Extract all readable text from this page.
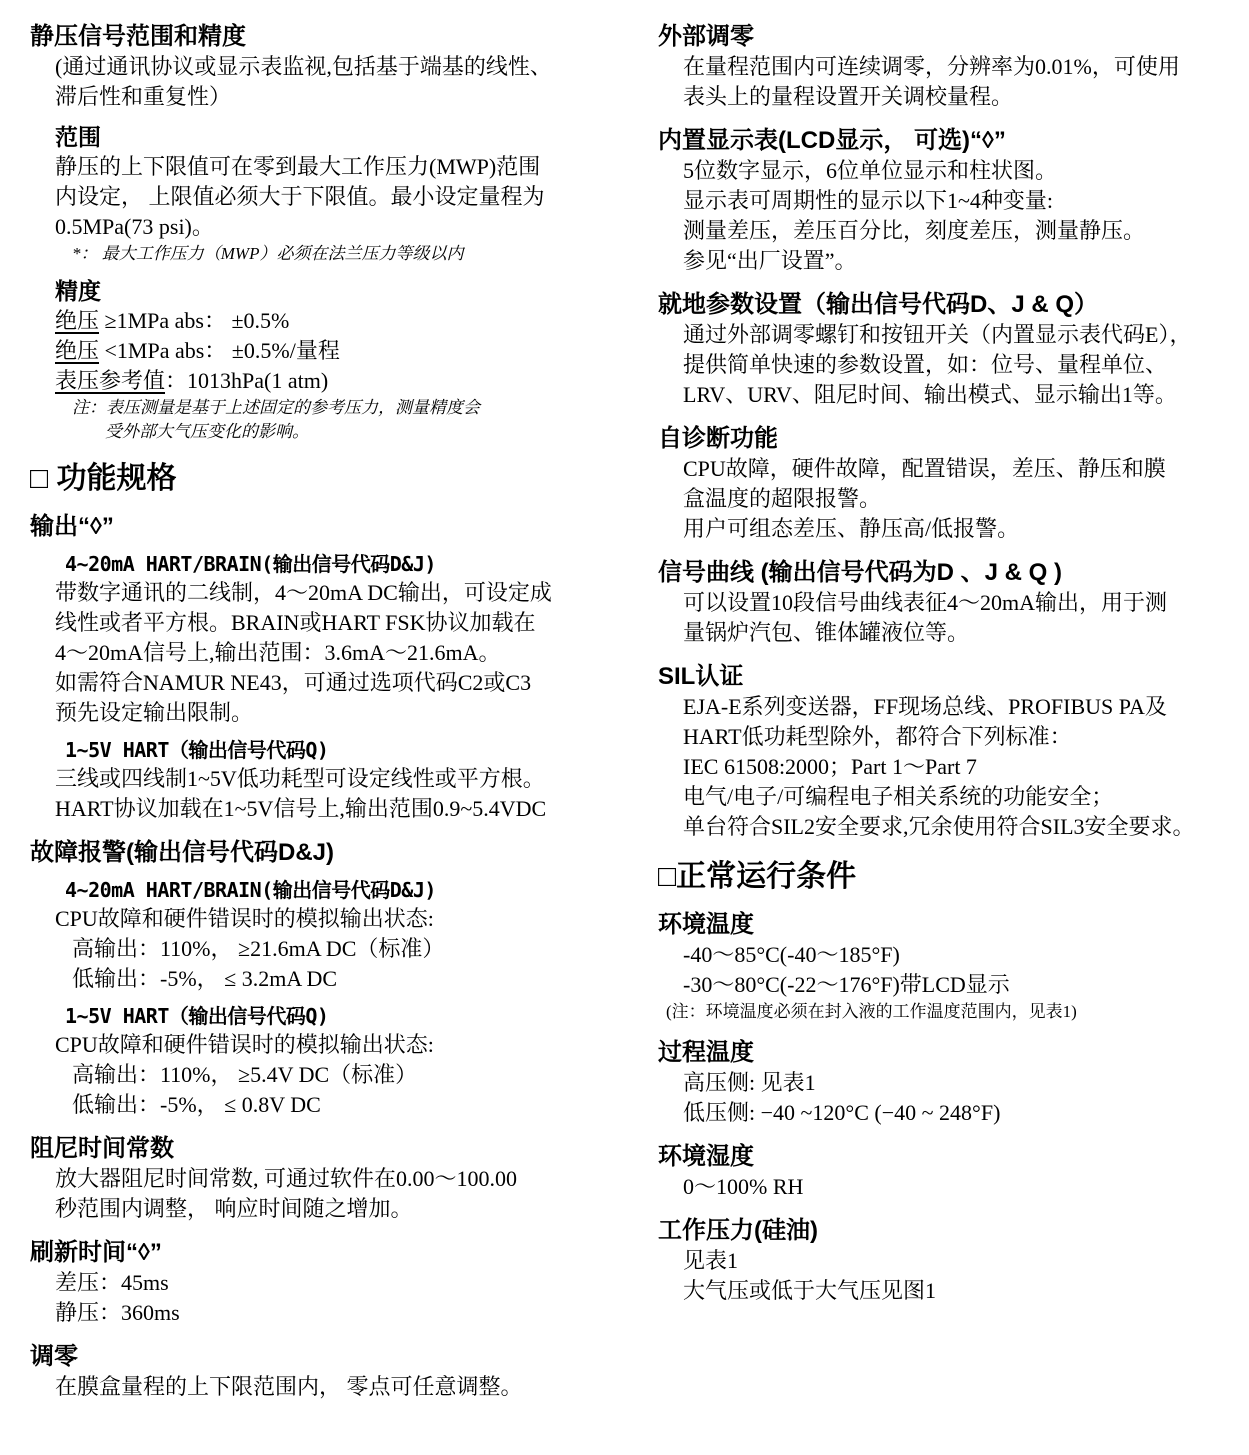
静压信号范围和精度
(通过通讯协议或显示表监视,包括基于端基的线性、
滞后性和重复性）
范围
静压的上下限值可在零到最大工作压力(MWP)范围
内设定， 上限值必须大于下限值。最小设定量程为
0.5MPa(73 psi)。
*： 最大工作压力（MWP）必须在法兰压力等级以内
精度
绝压 ≥1MPa abs： ±0.5%
绝压 <1MPa abs： ±0.5%/量程
表压参考值：1013hPa(1 atm)
注：表压测量是基于上述固定的参考压力，测量精度会
受外部大气压变化的影响。
□ 功能规格
输出“◊”
4~20mA HART/BRAIN(输出信号代码D&J)
带数字通讯的二线制，4～20mA DC输出，可设定成
线性或者平方根。BRAIN或HART FSK协议加载在
4～20mA信号上,输出范围：3.6mA～21.6mA。
如需符合NAMUR NE43，可通过选项代码C2或C3
预先设定输出限制。
1~5V HART（输出信号代码Q)
三线或四线制1~5V低功耗型可设定线性或平方根。
HART协议加载在1~5V信号上,输出范围0.9~5.4VDC
故障报警(输出信号代码D&J)
4~20mA HART/BRAIN(输出信号代码D&J)
CPU故障和硬件错误时的模拟输出状态:
高输出：110%， ≥21.6mA DC（标准）
低输出：-5%， ≤ 3.2mA DC
1~5V HART（输出信号代码Q)
CPU故障和硬件错误时的模拟输出状态:
高输出：110%， ≥5.4V DC（标准）
低输出：-5%， ≤ 0.8V DC
阻尼时间常数
放大器阻尼时间常数, 可通过软件在0.00～100.00
秒范围内调整， 响应时间随之增加。
刷新时间“◊”
差压：45ms
静压：360ms
调零
在膜盒量程的上下限范围内， 零点可任意调整。
外部调零
在量程范围内可连续调零，分辨率为0.01%，可使用
表头上的量程设置开关调校量程。
内置显示表(LCD显示， 可选)“◊”
5位数字显示，6位单位显示和柱状图。
显示表可周期性的显示以下1~4种变量:
测量差压，差压百分比，刻度差压，测量静压。
参见“出厂设置”。
就地参数设置（输出信号代码D、J & Q）
通过外部调零螺钉和按钮开关（内置显示表代码E），
提供简单快速的参数设置，如：位号、量程单位、
LRV、URV、阻尼时间、输出模式、显示输出1等。
自诊断功能
CPU故障，硬件故障，配置错误，差压、静压和膜
盒温度的超限报警。
用户可组态差压、静压高/低报警。
信号曲线 (输出信号代码为D 、J & Q )
可以设置10段信号曲线表征4～20mA输出，用于测
量锅炉汽包、锥体罐液位等。
SIL认证
EJA-E系列变送器，FF现场总线、PROFIBUS PA及
HART低功耗型除外，都符合下列标准：
IEC 61508:2000；Part 1～Part 7
电气/电子/可编程电子相关系统的功能安全；
单台符合SIL2安全要求,冗余使用符合SIL3安全要求。
□正常运行条件
环境温度
-40～85°C(-40～185°F)
-30～80°C(-22～176°F)带LCD显示
(注：环境温度必须在封入液的工作温度范围内，见表1)
过程温度
高压侧: 见表1
低压侧: −40 ~120°C (−40 ~ 248°F)
环境湿度
0～100% RH
工作压力(硅油)
见表1
大气压或低于大气压见图1
